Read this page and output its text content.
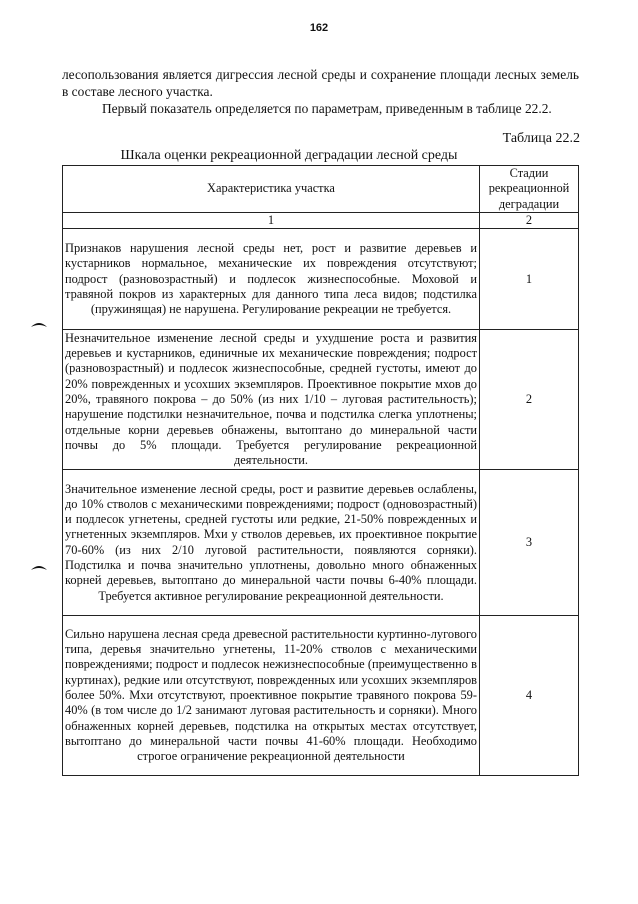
162

лесопользования является дигрессия лесной среды и сохранение площади лесных земель в составе лесного участка.

Первый показатель определяется по параметрам, приведенным в таблице 22.2.

Таблица 22.2
Шкала оценки рекреационной деградации лесной среды
Характеристика участка	Стадии рекреационной деградации
1	2
Признаков нарушения лесной среды нет, рост и развитие деревьев и кустарников нормальное, механические их повреждения отсутствуют; подрост (разновозрастный) и подлесок жизнеспособные. Моховой и травяной покров из характерных для данного типа леса видов; подстилка (пружинящая) не нарушена. Регулирование рекреации не требуется.	1
Незначительное изменение лесной среды и ухудшение роста и развития деревьев и кустарников, единичные их механические повреждения; подрост (разновозрастный) и подлесок жизнеспособные, средней густоты, имеют до 20% поврежденных и усохших экземпляров. Проективное покрытие мхов до 20%, травяного покрова – до 50% (из них 1/10 – луговая растительность); нарушение подстилки незначительное, почва и подстилка слегка уплотнены; отдельные корни деревьев обнажены, вытоптано до минеральной части почвы до 5% площади. Требуется регулирование рекреационной деятельности.	2
Значительное изменение лесной среды, рост и развитие деревьев ослаблены, до 10% стволов с механическими повреждениями; подрост (одновозрастный) и подлесок угнетены, средней густоты или редкие, 21-50% поврежденных и угнетенных экземпляров. Мхи у стволов деревьев, их проективное покрытие 70-60% (из них 2/10 луговой растительности, появляются сорняки). Подстилка и почва значительно уплотнены, довольно много обнаженных корней деревьев, вытоптано до минеральной части почвы 6-40% площади. Требуется активное регулирование рекреационной деятельности.	3
Сильно нарушена лесная среда древесной растительности куртинно-лугового типа, деревья значительно угнетены, 11-20% стволов с механическими повреждениями; подрост и подлесок нежизнеспособные (преимущественно в куртинах), редкие или отсутствуют, поврежденных или усохших экземпляров более 50%. Мхи отсутствуют, проективное покрытие травяного покрова 59-40% (в том числе до 1/2 занимают луговая растительность и сорняки). Много обнаженных корней деревьев, подстилка на открытых местах отсутствует, вытоптано до минеральной части почвы 41-60% площади. Необходимо строгое ограничение рекреационной деятельности	4
